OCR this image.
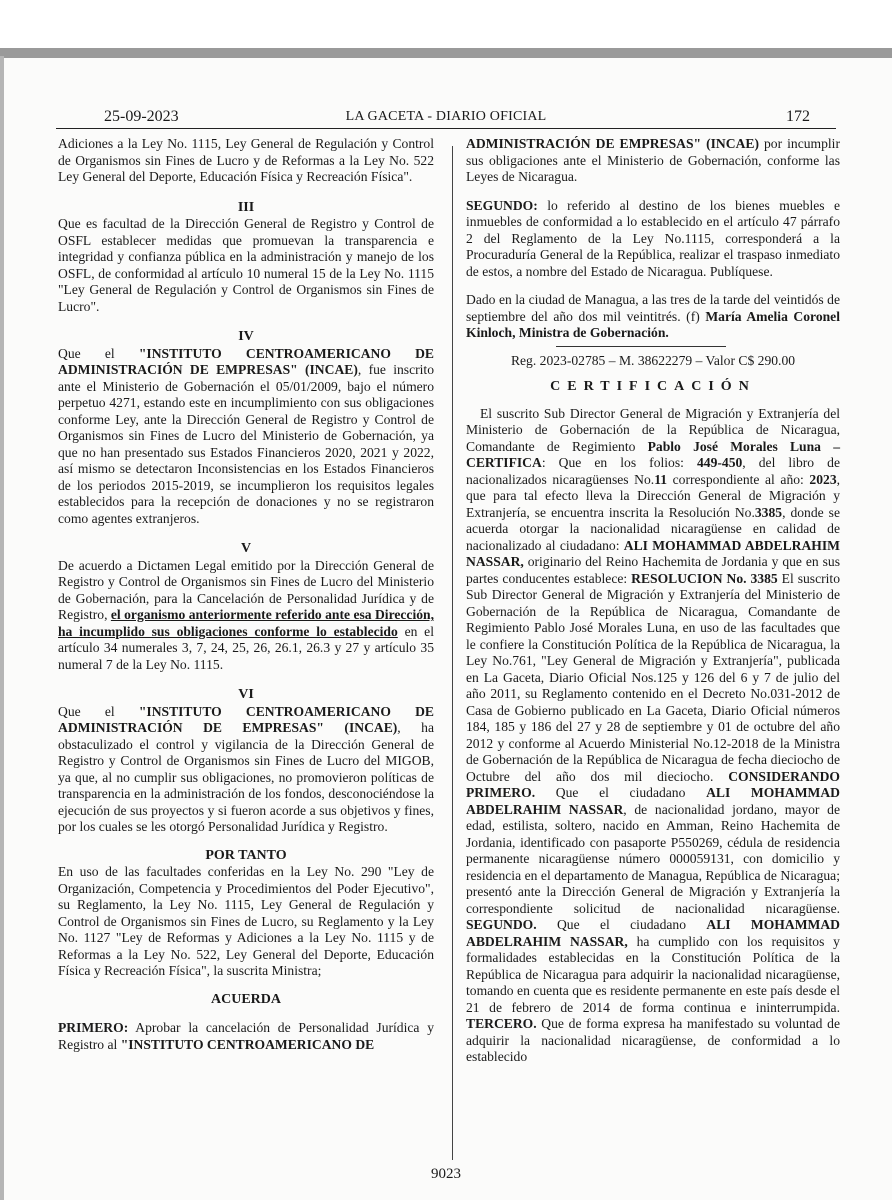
25-09-2023	LA GACETA - DIARIO OFICIAL	172

Adiciones a la Ley No. 1115, Ley General de Regulación y Control de Organismos sin Fines de Lucro y de Reformas a la Ley No. 522 Ley General del Deporte, Educación Física y Recreación Física".

III

Que es facultad de la Dirección General de Registro y Control de OSFL establecer medidas que promuevan la transparencia e integridad y confianza pública en la administración y manejo de los OSFL, de conformidad al artículo 10 numeral 15 de la Ley No. 1115 "Ley General de Regulación y Control de Organismos sin Fines de Lucro".

IV

Que el "INSTITUTO CENTROAMERICANO DE ADMINISTRACIÓN DE EMPRESAS" (INCAE), fue inscrito ante el Ministerio de Gobernación el 05/01/2009, bajo el número perpetuo 4271, estando este en incumplimiento con sus obligaciones conforme Ley, ante la Dirección General de Registro y Control de Organismos sin Fines de Lucro del Ministerio de Gobernación, ya que no han presentado sus Estados Financieros 2020, 2021 y 2022, así mismo se detectaron Inconsistencias en los Estados Financieros de los periodos 2015-2019, se incumplieron los requisitos legales establecidos para la recepción de donaciones y no se registraron como agentes extranjeros.

V

De acuerdo a Dictamen Legal emitido por la Dirección General de Registro y Control de Organismos sin Fines de Lucro del Ministerio de Gobernación, para la Cancelación de Personalidad Jurídica y de Registro, el organismo anteriormente referido ante esa Dirección, ha incumplido sus obligaciones conforme lo establecido en el artículo 34 numerales 3, 7, 24, 25, 26, 26.1, 26.3 y 27 y artículo 35 numeral 7 de la Ley No. 1115.

VI

Que el "INSTITUTO CENTROAMERICANO DE ADMINISTRACIÓN DE EMPRESAS" (INCAE), ha obstaculizado el control y vigilancia de la Dirección General de Registro y Control de Organismos sin Fines de Lucro del MIGOB, ya que, al no cumplir sus obligaciones, no promovieron políticas de transparencia en la administración de los fondos, desconociéndose la ejecución de sus proyectos y si fueron acorde a sus objetivos y fines, por los cuales se les otorgó Personalidad Jurídica y Registro.

POR TANTO

En uso de las facultades conferidas en la Ley No. 290 "Ley de Organización, Competencia y Procedimientos del Poder Ejecutivo", su Reglamento, la Ley No. 1115, Ley General de Regulación y Control de Organismos sin Fines de Lucro, su Reglamento y la Ley No. 1127 "Ley de Reformas y Adiciones a la Ley No. 1115 y de Reformas a la Ley No. 522, Ley General del Deporte, Educación Física y Recreación Física", la suscrita Ministra;

ACUERDA

PRIMERO: Aprobar la cancelación de Personalidad Jurídica y Registro al "INSTITUTO CENTROAMERICANO DE

ADMINISTRACIÓN DE EMPRESAS" (INCAE) por incumplir sus obligaciones ante el Ministerio de Gobernación, conforme las Leyes de Nicaragua.

SEGUNDO: lo referido al destino de los bienes muebles e inmuebles de conformidad a lo establecido en el artículo 47 párrafo 2 del Reglamento de la Ley No.1115, corresponderá a la Procuraduría General de la República, realizar el traspaso inmediato de estos, a nombre del Estado de Nicaragua. Publíquese.

Dado en la ciudad de Managua, a las tres de la tarde del veintidós de septiembre del año dos mil veintitrés. (f) María Amelia Coronel Kinloch, Ministra de Gobernación.

Reg. 2023-02785 – M. 38622279 – Valor C$ 290.00

CERTIFICACIÓN

El suscrito Sub Director General de Migración y Extranjería del Ministerio de Gobernación de la República de Nicaragua, Comandante de Regimiento Pablo José Morales Luna – CERTIFICA: Que en los folios: 449-450, del libro de nacionalizados nicaragüenses No.11 correspondiente al año: 2023, que para tal efecto lleva la Dirección General de Migración y Extranjería, se encuentra inscrita la Resolución No.3385, donde se acuerda otorgar la nacionalidad nicaragüense en calidad de nacionalizado al ciudadano: ALI MOHAMMAD ABDELRAHIM NASSAR, originario del Reino Hachemita de Jordania y que en sus partes conducentes establece: RESOLUCION No. 3385 El suscrito Sub Director General de Migración y Extranjería del Ministerio de Gobernación de la República de Nicaragua, Comandante de Regimiento Pablo José Morales Luna, en uso de las facultades que le confiere la Constitución Política de la República de Nicaragua, la Ley No.761, "Ley General de Migración y Extranjería", publicada en La Gaceta, Diario Oficial Nos.125 y 126 del 6 y 7 de julio del año 2011, su Reglamento contenido en el Decreto No.031-2012 de Casa de Gobierno publicado en La Gaceta, Diario Oficial números 184, 185 y 186 del 27 y 28 de septiembre y 01 de octubre del año 2012 y conforme al Acuerdo Ministerial No.12-2018 de la Ministra de Gobernación de la República de Nicaragua de fecha dieciocho de Octubre del año dos mil dieciocho. CONSIDERANDO PRIMERO. Que el ciudadano ALI MOHAMMAD ABDELRAHIM NASSAR, de nacionalidad jordano, mayor de edad, estilista, soltero, nacido en Amman, Reino Hachemita de Jordania, identificado con pasaporte P550269, cédula de residencia permanente nicaragüense número 000059131, con domicilio y residencia en el departamento de Managua, República de Nicaragua; presentó ante la Dirección General de Migración y Extranjería la correspondiente solicitud de nacionalidad nicaragüense. SEGUNDO. Que el ciudadano ALI MOHAMMAD ABDELRAHIM NASSAR, ha cumplido con los requisitos y formalidades establecidas en la Constitución Política de la República de Nicaragua para adquirir la nacionalidad nicaragüense, tomando en cuenta que es residente permanente en este país desde el 21 de febrero de 2014 de forma continua e ininterrumpida. TERCERO. Que de forma expresa ha manifestado su voluntad de adquirir la nacionalidad nicaragüense, de conformidad a lo establecido

9023
